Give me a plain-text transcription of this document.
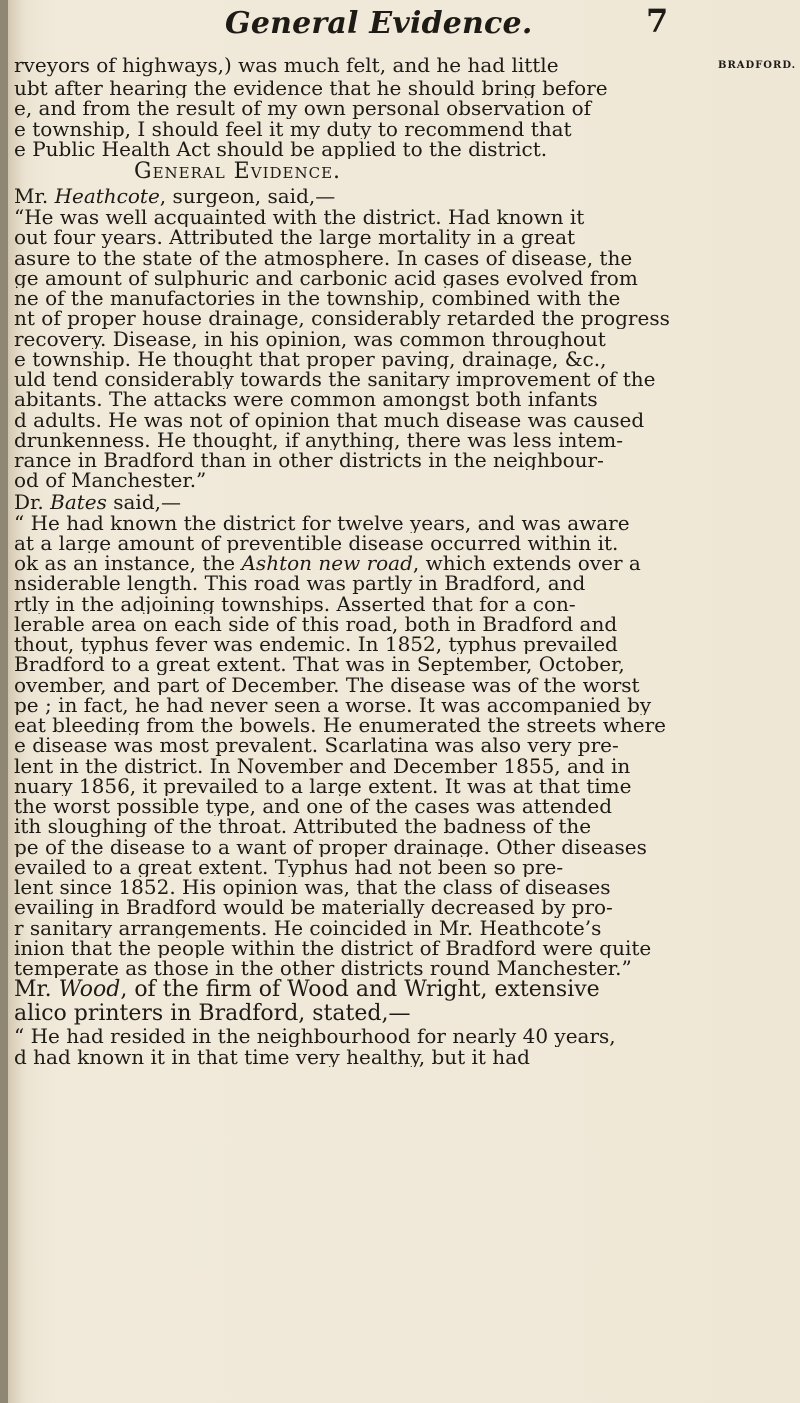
General Evidence.	7
BRADFORD.
rveyors of highways,) was much felt, and he had little
ubt after hearing the evidence that he should bring before
e, and from the result of my own personal observation of
e township, I should feel it my duty to recommend that
e Public Health Act should be applied to the district.
General Evidence.
Mr. Heathcote, surgeon, said,—
“He was well acquainted with the district. Had known it
out four years. Attributed the large mortality in a great
asure to the state of the atmosphere. In cases of disease, the
ge amount of sulphuric and carbonic acid gases evolved from
ne of the manufactories in the township, combined with the
nt of proper house drainage, considerably retarded the progress
recovery. Disease, in his opinion, was common throughout
e township. He thought that proper paving, drainage, &c.,
uld tend considerably towards the sanitary improvement of the
abitants. The attacks were common amongst both infants
d adults. He was not of opinion that much disease was caused
drunkenness. He thought, if anything, there was less intem-
rance in Bradford than in other districts in the neighbour-
od of Manchester.”
Dr. Bates said,—
“ He had known the district for twelve years, and was aware
at a large amount of preventible disease occurred within it.
ok as an instance, the Ashton new road, which extends over a
nsiderable length. This road was partly in Bradford, and
rtly in the adjoining townships. Asserted that for a con-
lerable area on each side of this road, both in Bradford and
thout, typhus fever was endemic. In 1852, typhus prevailed
Bradford to a great extent. That was in September, October,
ovember, and part of December. The disease was of the worst
pe ; in fact, he had never seen a worse. It was accompanied by
eat bleeding from the bowels. He enumerated the streets where
e disease was most prevalent. Scarlatina was also very pre-
lent in the district. In November and December 1855, and in
nuary 1856, it prevailed to a large extent. It was at that time
the worst possible type, and one of the cases was attended
ith sloughing of the throat. Attributed the badness of the
pe of the disease to a want of proper drainage. Other diseases
evailed to a great extent. Typhus had not been so pre-
lent since 1852. His opinion was, that the class of diseases
evailing in Bradford would be materially decreased by pro-
r sanitary arrangements. He coincided in Mr. Heathcote’s
inion that the people within the district of Bradford were quite
temperate as those in the other districts round Manchester.”
Mr. Wood, of the firm of Wood and Wright, extensive
alico printers in Bradford, stated,—
“ He had resided in the neighbourhood for nearly 40 years,
d had known it in that time very healthy, but it had
